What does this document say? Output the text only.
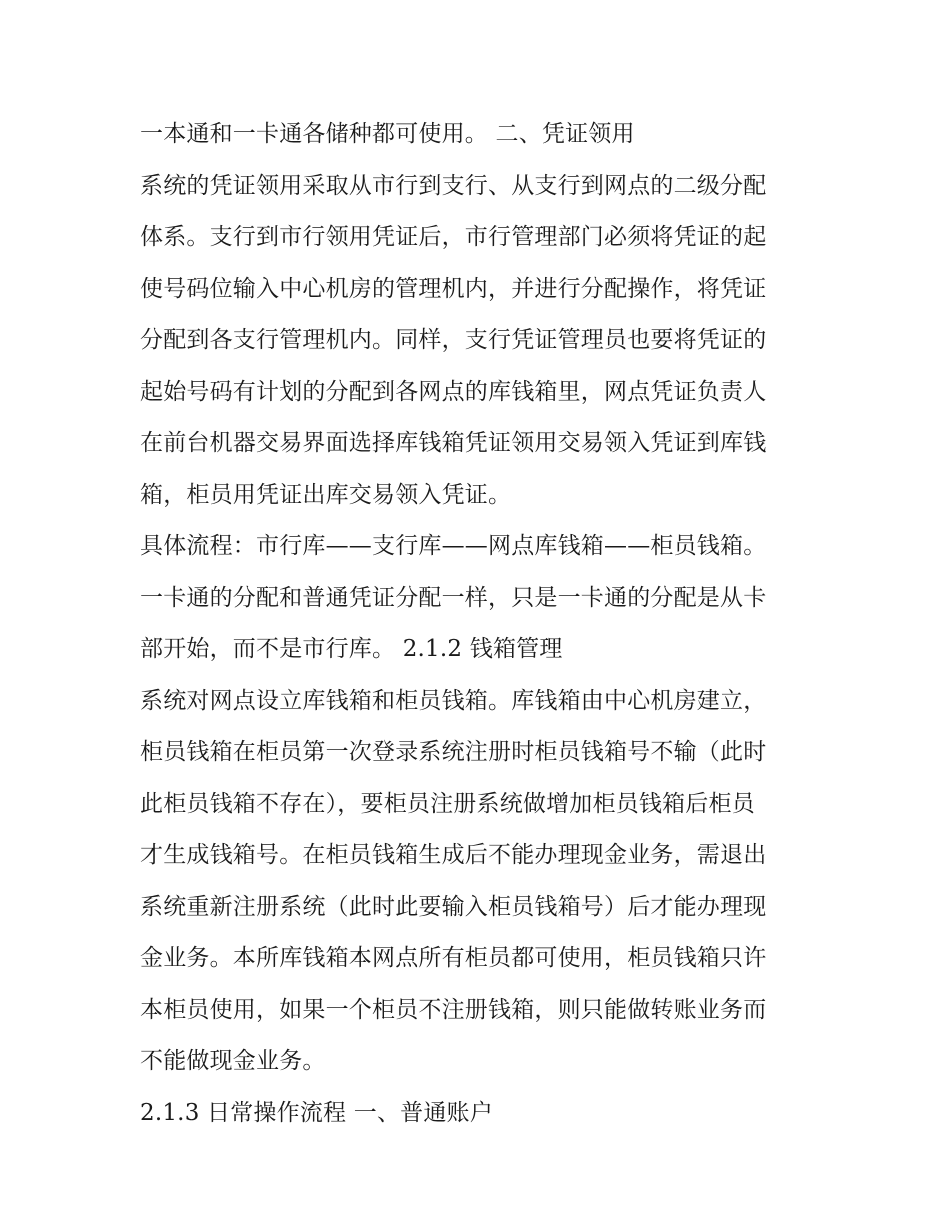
一本通和一卡通各储种都可使用。 二、凭证领用
系统的凭证领用采取从市行到支行、从支行到网点的二级分配
体系。支行到市行领用凭证后，市行管理部门必须将凭证的起
使号码位输入中心机房的管理机内，并进行分配操作，将凭证
分配到各支行管理机内。同样，支行凭证管理员也要将凭证的
起始号码有计划的分配到各网点的库钱箱里，网点凭证负责人
在前台机器交易界面选择库钱箱凭证领用交易领入凭证到库钱
箱，柜员用凭证出库交易领入凭证。
具体流程：市行库——支行库——网点库钱箱——柜员钱箱。
一卡通的分配和普通凭证分配一样，只是一卡通的分配是从卡
部开始，而不是市行库。 2.1.2 钱箱管理
系统对网点设立库钱箱和柜员钱箱。库钱箱由中心机房建立，
柜员钱箱在柜员第一次登录系统注册时柜员钱箱号不输（此时
此柜员钱箱不存在），要柜员注册系统做增加柜员钱箱后柜员
才生成钱箱号。在柜员钱箱生成后不能办理现金业务，需退出
系统重新注册系统（此时此要输入柜员钱箱号）后才能办理现
金业务。本所库钱箱本网点所有柜员都可使用，柜员钱箱只许
本柜员使用，如果一个柜员不注册钱箱，则只能做转账业务而
不能做现金业务。
2.1.3 日常操作流程 一、普通账户
